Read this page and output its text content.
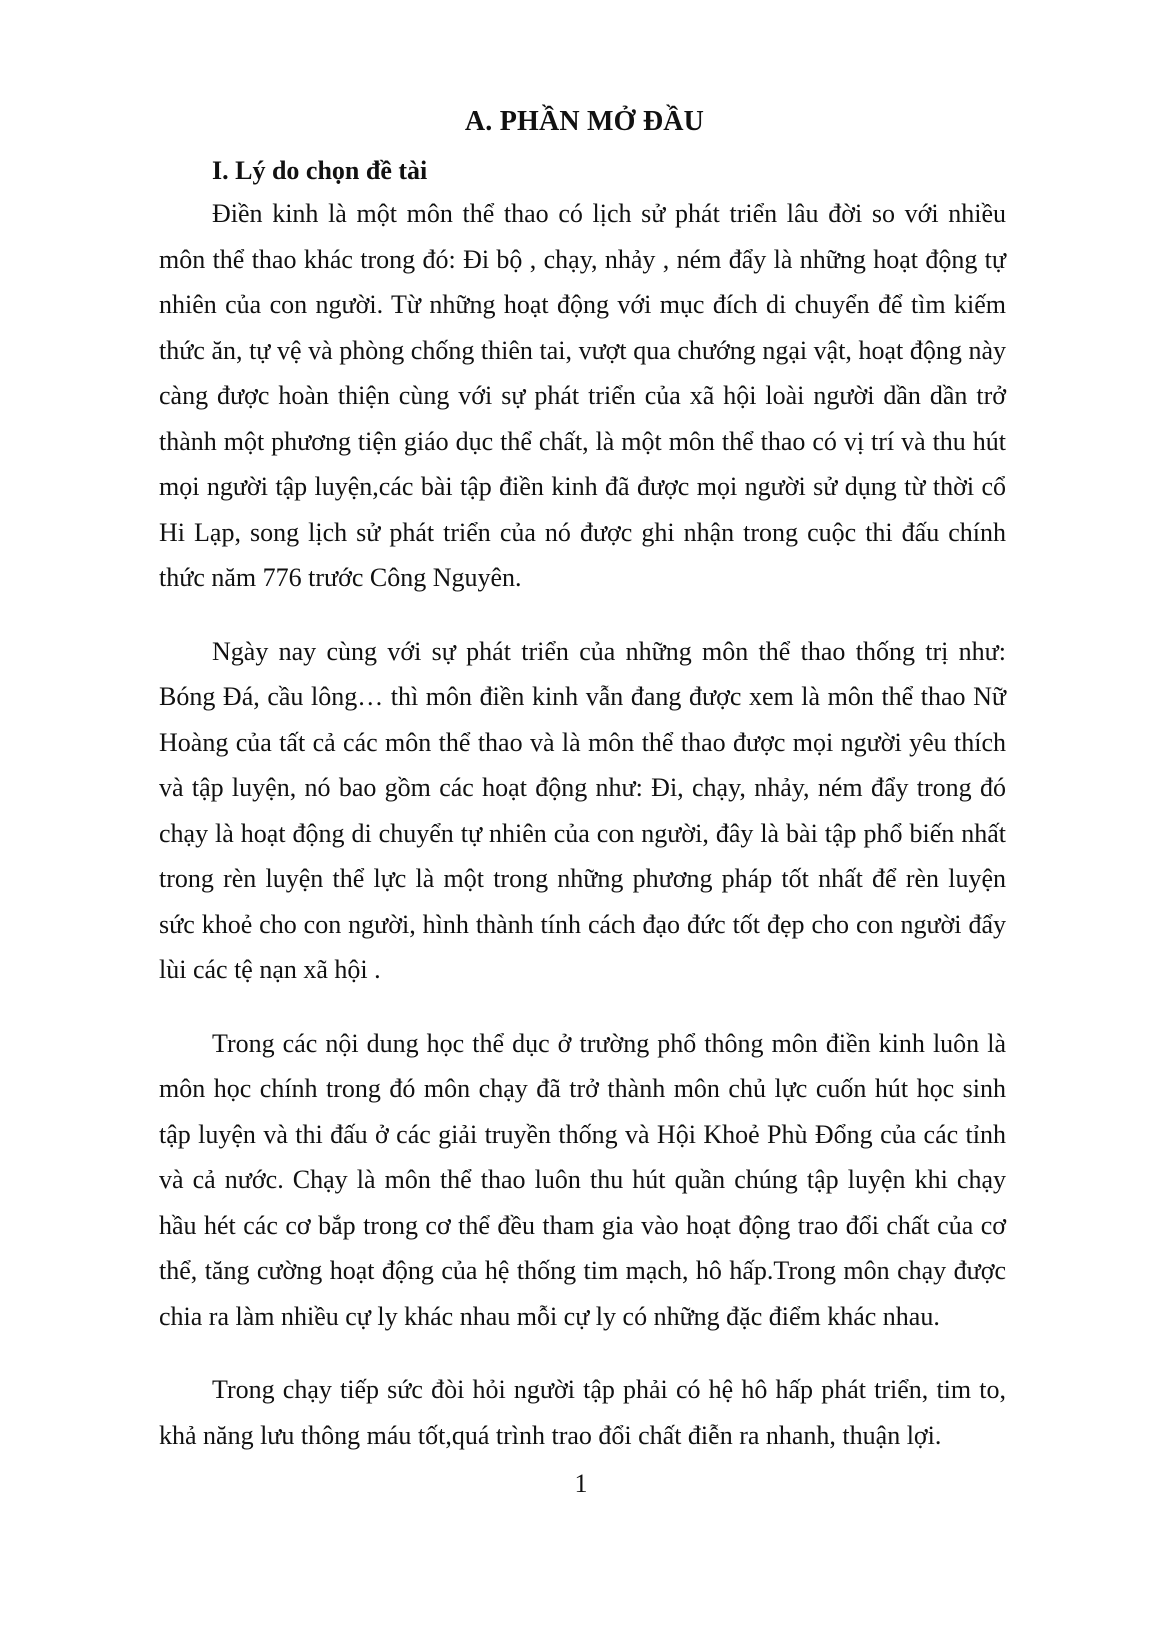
A. PHẦN MỞ ĐẦU
I. Lý do chọn đề tài

Điền kinh là một môn thể thao có lịch sử phát triển lâu đời so với nhiều môn thể thao khác trong đó: Đi bộ , chạy, nhảy , ném đẩy là những hoạt động tự nhiên của con người. Từ những hoạt động với mục đích di chuyển để tìm kiếm thức ăn, tự vệ và phòng chống thiên tai, vượt qua chướng ngại vật, hoạt động này càng được hoàn thiện cùng với sự phát triển của xã hội loài người dần dần trở thành một phương tiện giáo dục thể chất, là một môn thể thao có vị trí và thu hút mọi người tập luyện,các bài tập điền kinh đã được mọi người sử dụng từ thời cổ Hi Lạp, song lịch sử phát triển của nó được ghi nhận trong cuộc thi đấu chính thức năm 776 trước Công Nguyên.

Ngày nay cùng với sự phát triển của những môn thể thao thống trị như: Bóng Đá, cầu lông… thì môn điền kinh vẫn đang được xem là môn thể thao Nữ Hoàng của tất cả các môn thể thao và là môn thể thao được mọi người yêu thích và tập luyện, nó bao gồm các hoạt động như: Đi, chạy, nhảy, ném đẩy trong đó chạy là hoạt động di chuyển tự nhiên của con người, đây là bài tập phổ biến nhất trong rèn luyện thể lực là một trong những phương pháp tốt nhất để rèn luyện sức khoẻ cho con người, hình thành tính cách đạo đức tốt đẹp cho con người đẩy lùi các tệ nạn xã hội .

Trong các nội dung học thể dục ở trường phổ thông môn điền kinh luôn là môn học chính trong đó môn chạy đã trở thành môn chủ lực cuốn hút học sinh tập luyện và thi đấu ở các giải truyền thống và Hội Khoẻ Phù Đổng của các tỉnh và cả nước. Chạy là môn thể thao luôn thu hút quần chúng tập luyện khi chạy hầu hét các cơ bắp trong cơ thể đều tham gia vào hoạt động trao đổi chất của cơ thể, tăng cường hoạt động của hệ thống tim mạch, hô hấp.Trong môn chạy được chia ra làm nhiều cự ly khác nhau mỗi cự ly có những đặc điểm khác nhau.

Trong chạy tiếp sức đòi hỏi người tập phải có hệ hô hấp phát triển, tim to, khả năng lưu thông máu tốt,quá trình trao đổi chất điễn ra nhanh, thuận lợi.

1
